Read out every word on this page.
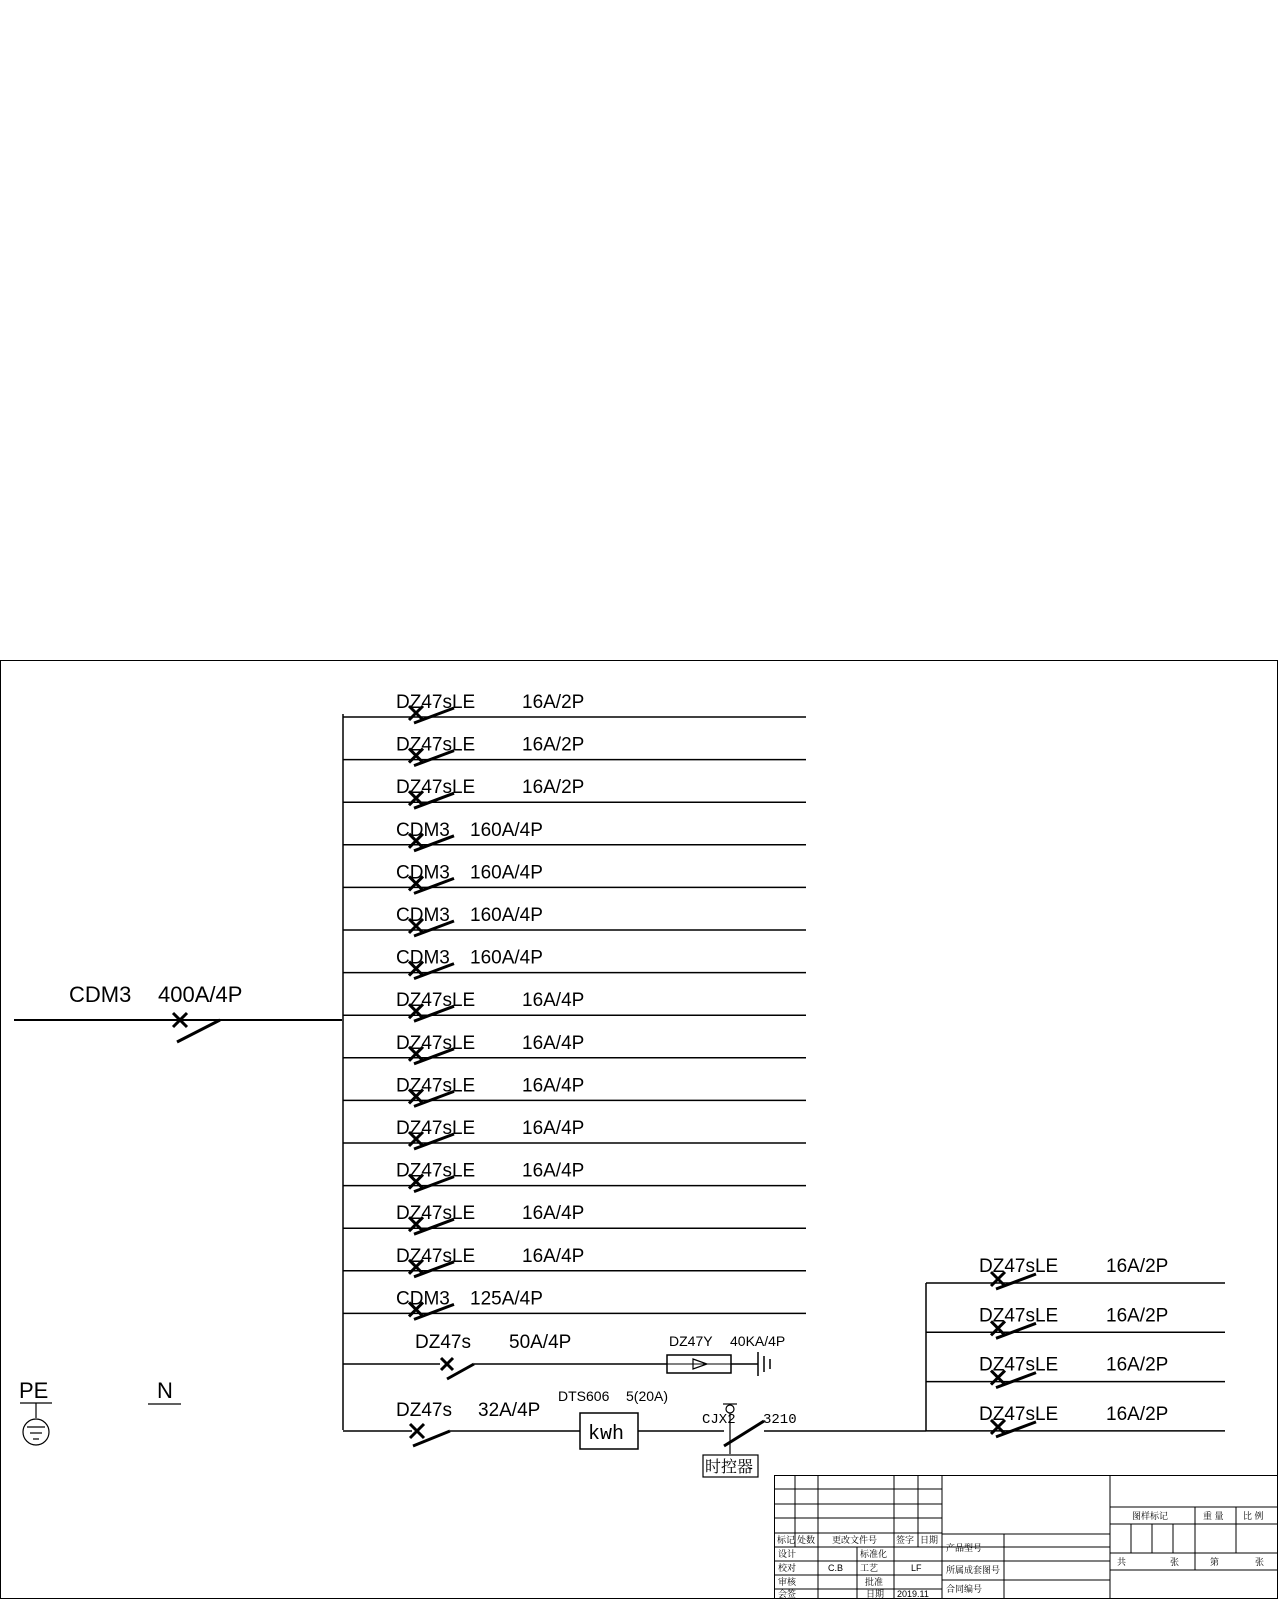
CDM3 400A/4P
DZ47sLE 16A/2P
DZ47sLE 16A/2P
DZ47sLE 16A/2P
CDM3 160A/4P
CDM3 160A/4P
CDM3 160A/4P
CDM3 160A/4P
DZ47sLE 16A/4P
DZ47sLE 16A/4P
DZ47sLE 16A/4P
DZ47sLE 16A/4P
DZ47sLE 16A/4P
DZ47sLE 16A/4P
DZ47sLE 16A/4P
CDM3 125A/4P
DZ47s 50A/4P	DZ47Y 40KA/4P
kwh
时控器
DZ47s 32A/4P
DTS606 5(20A)
CJX2 3210
DZ47sLE	16A/2P
DZ47sLE	16A/2P
DZ47sLE	16A/2P
DZ47sLE	16A/2P
PE	N
标记 处数 更改文件号 签字 日期
设计	标准化
校对	C.B 工艺	LF
审核	批准
会签	日期 2019.11
产品型号
所属成套图号
合同编号
图样标记	重 量 比 例
共	张	第	张
